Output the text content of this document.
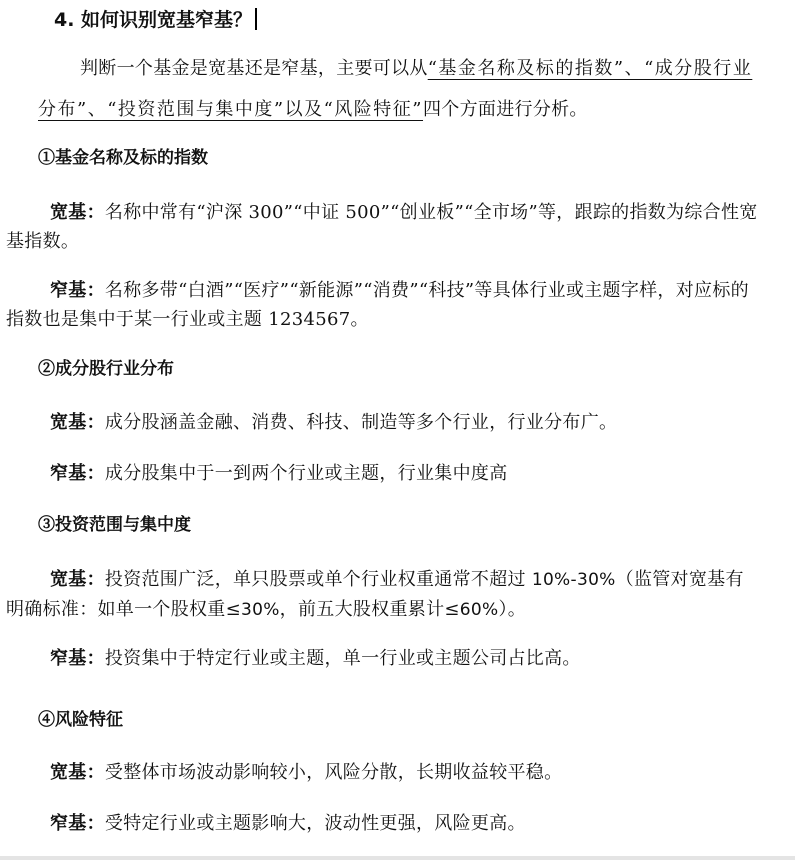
4. 如何识别宽基窄基？
判断一个基金是宽基还是窄基，主要可以从“基金名称及标的指数”、“成分股行业分布”、“投资范围与集中度”以及“风险特征”四个方面进行分析。
①基金名称及标的指数
宽基：名称中常有“沪深 300”“中证 500”“创业板”“全市场”等，跟踪的指数为综合性宽基指数。
窄基：名称多带“白酒”“医疗”“新能源”“消费”“科技”等具体行业或主题字样，对应标的指数也是集中于某一行业或主题 1234567。
②成分股行业分布
宽基：成分股涵盖金融、消费、科技、制造等多个行业，行业分布广。
窄基：成分股集中于一到两个行业或主题，行业集中度高
③投资范围与集中度
宽基：投资范围广泛，单只股票或单个行业权重通常不超过 10%-30%（监管对宽基有明确标准：如单一个股权重≤30%，前五大股权重累计≤60%）。
窄基：投资集中于特定行业或主题，单一行业或主题公司占比高。
④风险特征
宽基：受整体市场波动影响较小，风险分散，长期收益较平稳。
窄基：受特定行业或主题影响大，波动性更强，风险更高。
